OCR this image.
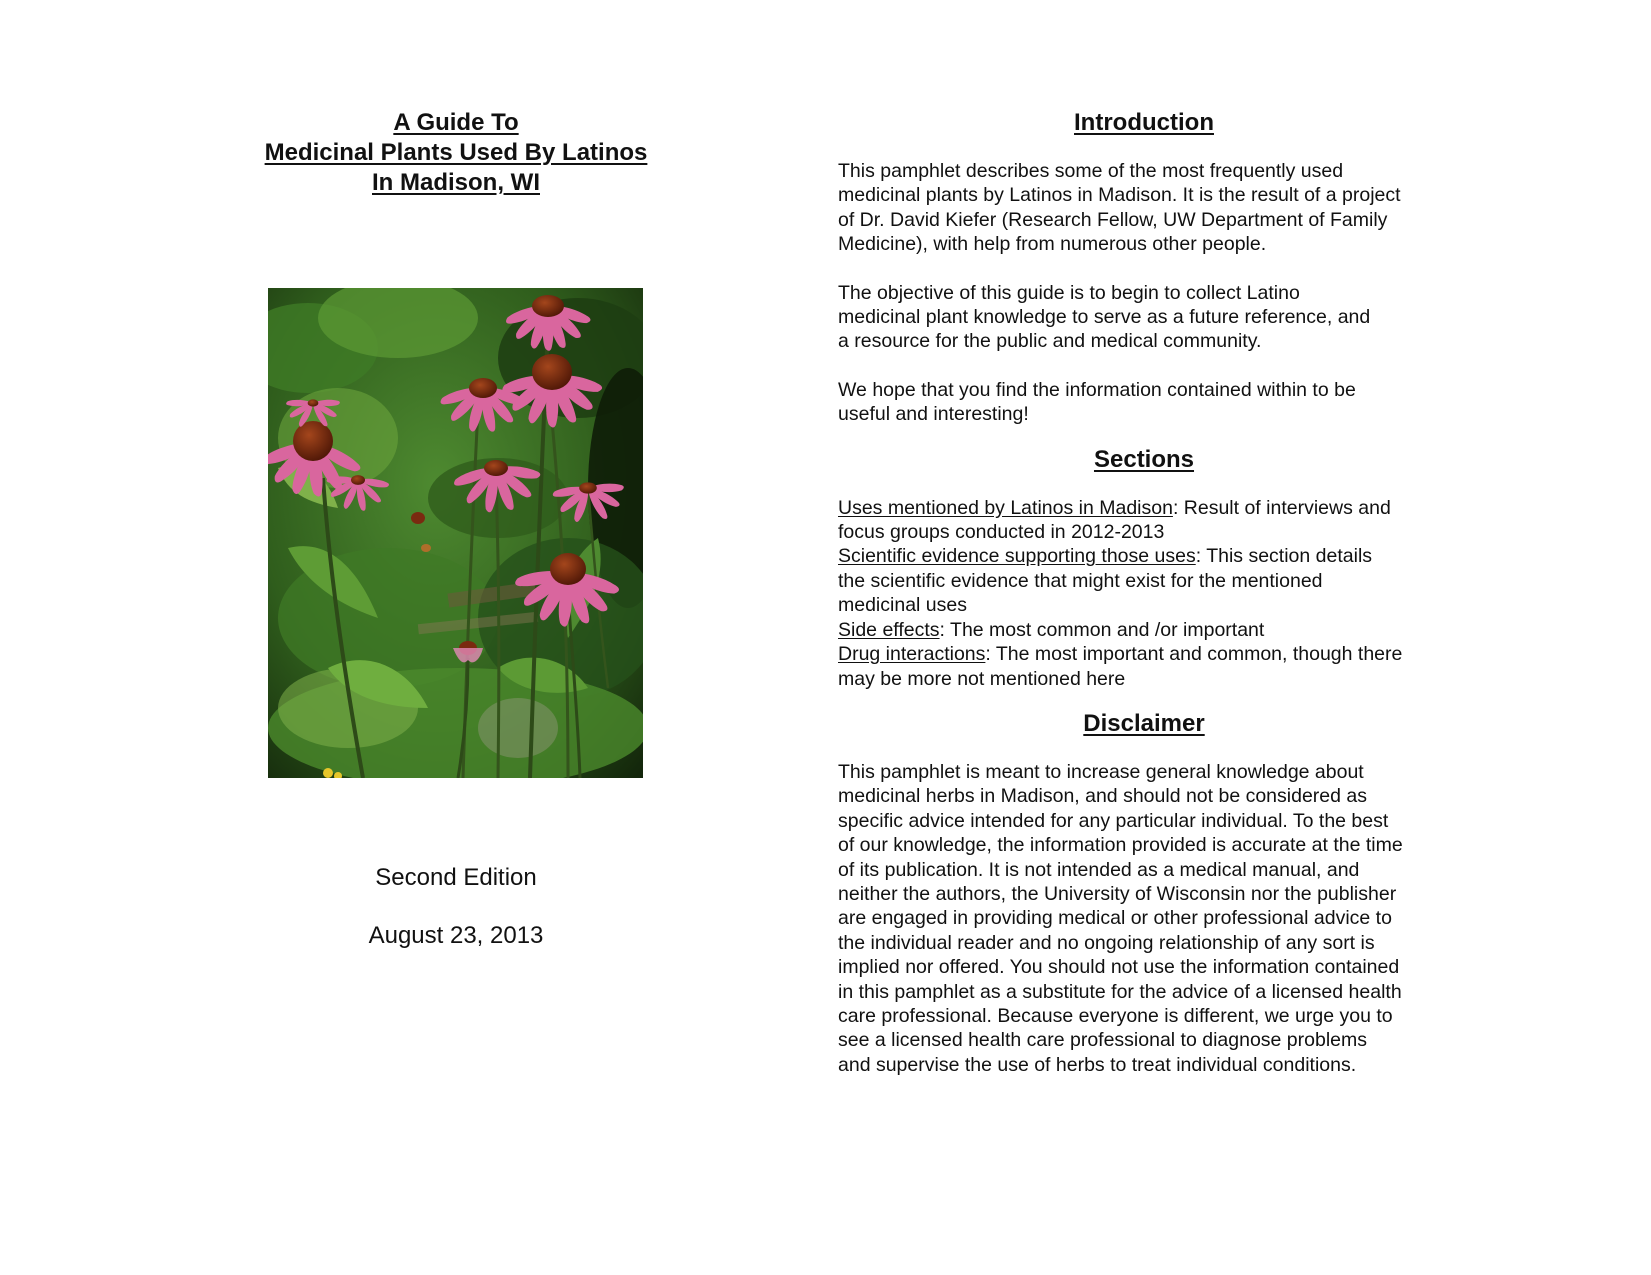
A Guide To
Medicinal Plants Used By Latinos
In Madison, WI
Second Edition
August 23, 2013
Introduction

This pamphlet describes some of the most frequently used
medicinal plants by Latinos in Madison. It is the result of a project
of Dr. David Kiefer (Research Fellow, UW Department of Family
Medicine), with help from numerous other people.

The objective of this guide is to begin to collect Latino
medicinal plant knowledge to serve as a future reference, and
a resource for the public and medical community.

We hope that you find the information contained within to be
useful and interesting!

Sections

Uses mentioned by Latinos in Madison: Result of interviews and
focus groups conducted in 2012-2013

Scientific evidence supporting those uses: This section details
the scientific evidence that might exist for the mentioned
medicinal uses

Side effects: The most common and /or important

Drug interactions: The most important and common, though there
may be more not mentioned here

Disclaimer

This pamphlet is meant to increase general knowledge about
medicinal herbs in Madison, and should not be considered as
specific advice intended for any particular individual. To the best
of our knowledge, the information provided is accurate at the time
of its publication. It is not intended as a medical manual, and
neither the authors, the University of Wisconsin nor the publisher
are engaged in providing medical or other professional advice to
the individual reader and no ongoing relationship of any sort is
implied nor offered. You should not use the information contained
in this pamphlet as a substitute for the advice of a licensed health
care professional. Because everyone is different, we urge you to
see a licensed health care professional to diagnose problems
and supervise the use of herbs to treat individual conditions.
